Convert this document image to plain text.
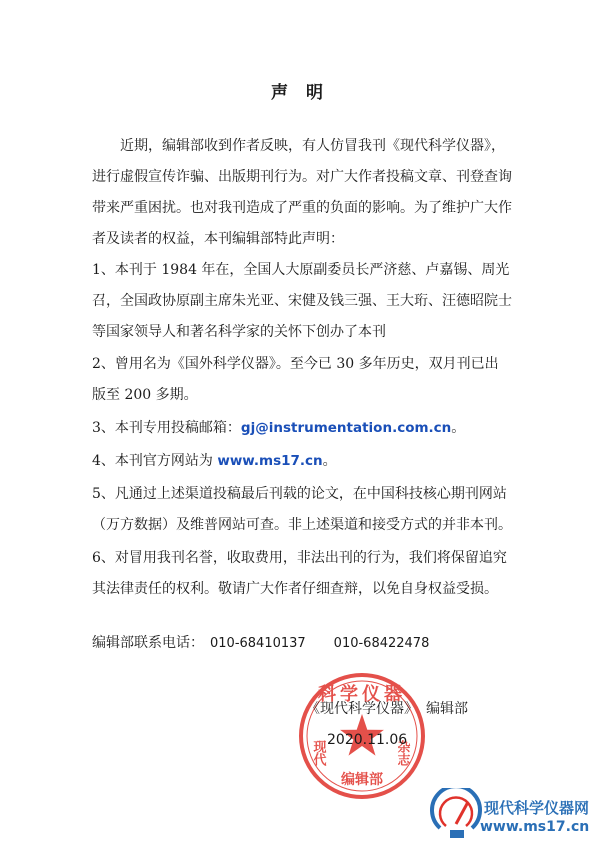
声 明

近期，编辑部收到作者反映，有人仿冒我刊《现代科学仪器》，进行虚假宣传诈骗、出版期刊行为。对广大作者投稿文章、刊登查询带来严重困扰。也对我刊造成了严重的负面的影响。为了维护广大作者及读者的权益，本刊编辑部特此声明：

1、本刊于 1984 年在，全国人大原副委员长严济慈、卢嘉锡、周光召，全国政协原副主席朱光亚、宋健及钱三强、王大珩、汪德昭院士等国家领导人和著名科学家的关怀下创办了本刊

2、曾用名为《国外科学仪器》。至今已 30 多年历史，双月刊已出版至 200 多期。

3、本刊专用投稿邮箱：gj@instrumentation.com.cn。

4、本刊官方网站为 www.ms17.cn。

5、凡通过上述渠道投稿最后刊载的论文，在中国科技核心期刊网站（万方数据）及维普网站可查。非上述渠道和接受方式的并非本刊。

6、对冒用我刊名誉，收取费用，非法出刊的行为，我们将保留追究其法律责任的权利。敬请广大作者仔细查辩，以免自身权益受损。

编辑部联系电话： 010-68410137 010-68422478
科学仪器
现代	杂志
编辑部
《现代科学仪器》 编辑部
2020.11.06
现代科学仪器网
www.ms17.cn
